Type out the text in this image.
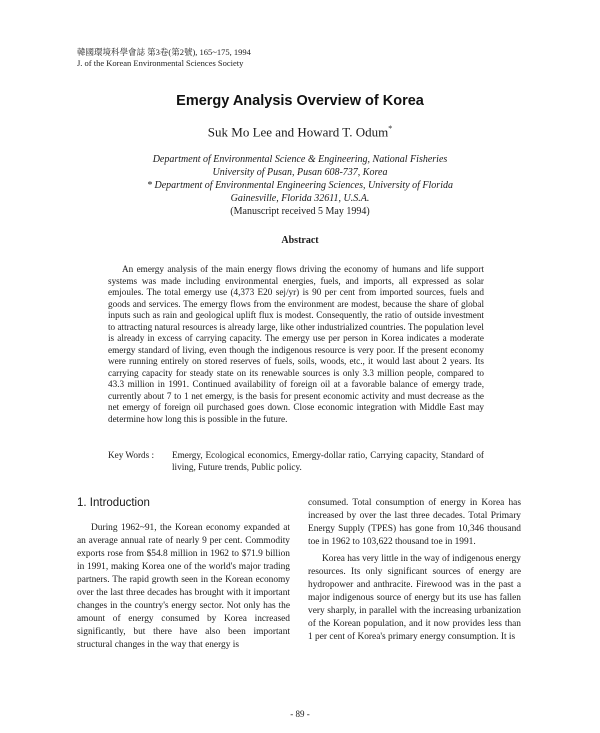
韓國環境科學會誌 第3卷(第2號), 165~175, 1994
J. of the Korean Environmental Sciences Society
Emergy Analysis Overview of Korea
Suk Mo Lee and Howard T. Odum*
Department of Environmental Science & Engineering, National Fisheries
University of Pusan, Pusan 608-737, Korea
* Department of Environmental Engineering Sciences, University of Florida
Gainesville, Florida 32611, U.S.A.
(Manuscript received 5 May 1994)
Abstract
An emergy analysis of the main energy flows driving the economy of humans and life support systems was made including environmental energies, fuels, and imports, all expressed as solar emjoules. The total emergy use (4,373 E20 sej/yr) is 90 per cent from imported sources, fuels and goods and services. The emergy flows from the environment are modest, because the share of global inputs such as rain and geological uplift flux is modest. Consequently, the ratio of outside investment to attracting natural resources is already large, like other industrialized countries. The population level is already in excess of carrying capacity. The emergy use per person in Korea indicates a moderate emergy standard of living, even though the indigenous resource is very poor. If the present economy were running entirely on stored reserves of fuels, soils, woods, etc., it would last about 2 years. Its carrying capacity for steady state on its renewable sources is only 3.3 million people, compared to 43.3 million in 1991. Continued availability of foreign oil at a favorable balance of emergy trade, currently about 7 to 1 net emergy, is the basis for present economic activity and must decrease as the net emergy of foreign oil purchased goes down. Close economic integration with Middle East may determine how long this is possible in the future.
Key Words :	Emergy, Ecological economics, Emergy-dollar ratio, Carrying capacity, Standard of living, Future trends, Public policy.
1. Introduction

During 1962~91, the Korean economy expanded at an average annual rate of nearly 9 per cent. Commodity exports rose from $54.8 million in 1962 to $71.9 billion in 1991, making Korea one of the world's major trading partners. The rapid growth seen in the Korean economy over the last three decades has brought with it important changes in the country's energy sector. Not only has the amount of energy consumed by Korea increased significantly, but there have also been important structural changes in the way that energy is

consumed. Total consumption of energy in Korea has increased by over the last three decades. Total Primary Energy Supply (TPES) has gone from 10,346 thousand toe in 1962 to 103,622 thousand toe in 1991.

Korea has very little in the way of indigenous energy resources. Its only significant sources of energy are hydropower and anthracite. Firewood was in the past a major indigenous source of energy but its use has fallen very sharply, in parallel with the increasing urbanization of the Korean population, and it now provides less than 1 per cent of Korea's primary energy consumption. It is

- 89 -
